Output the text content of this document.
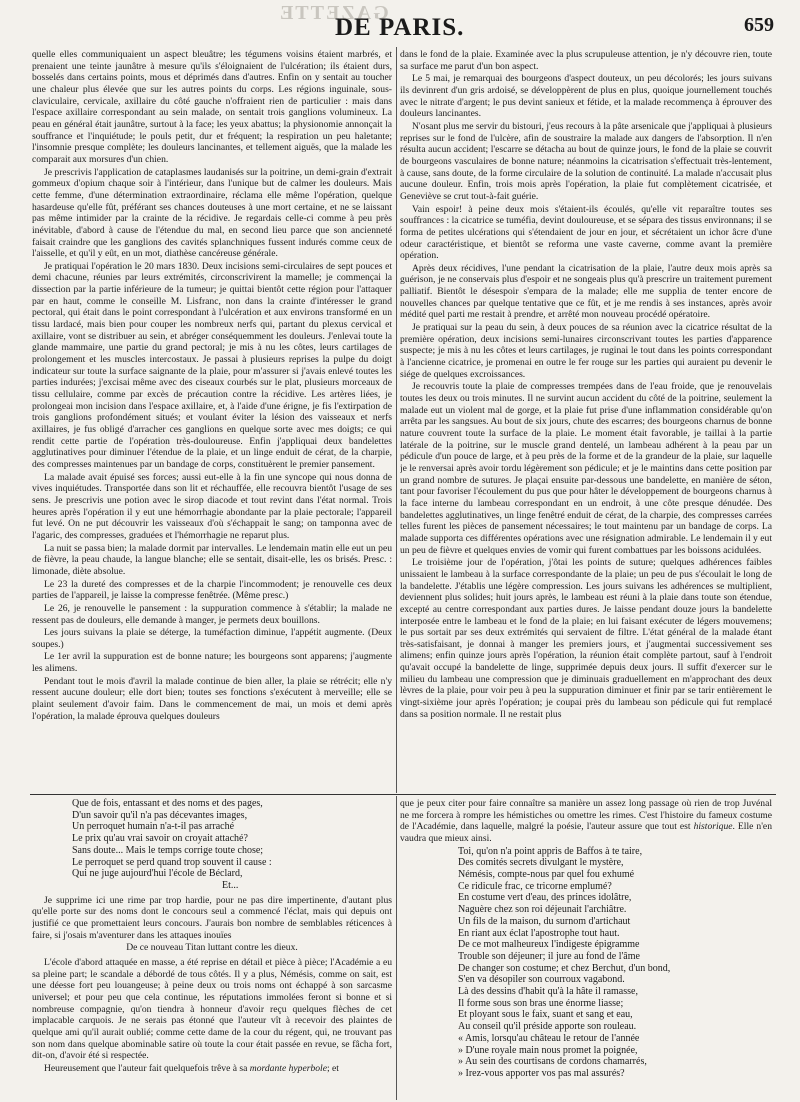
GAZETTE
DE PARIS.	659

quelle elles communiquaient un aspect bleuâtre; les tégumens voisins étaient marbrés, et prenaient une teinte jaunâtre à mesure qu'ils s'éloignaient de l'ulcération; ils étaient durs, bosselés dans certains points, mous et déprimés dans d'autres. Enfin on y sentait au toucher une chaleur plus élevée que sur les autres points du corps. Les régions inguinale, sous-claviculaire, cervicale, axillaire du côté gauche n'offraient rien de particulier : mais dans l'espace axillaire correspondant au sein malade, on sentait trois ganglions volumineux. La peau en général était jaunâtre, surtout à la face; les yeux abattus; la physionomie annonçait la souffrance et l'inquiétude; le pouls petit, dur et fréquent; la respiration un peu haletante; l'insomnie presque complète; les douleurs lancinantes, et tellement aiguës, que la malade les comparait aux morsures d'un chien.

Je prescrivis l'application de cataplasmes laudanisés sur la poitrine, un demi-grain d'extrait gommeux d'opium chaque soir à l'intérieur, dans l'unique but de calmer les douleurs. Mais cette femme, d'une détermination extraordinaire, réclama elle même l'opération, quelque hasardeuse qu'elle fût, préférant ses chances douteuses à une mort certaine, et ne se laissant pas même intimider par la crainte de la récidive. Je regardais celle-ci comme à peu près inévitable, d'abord à cause de l'étendue du mal, en second lieu parce que son ancienneté faisait craindre que les ganglions des cavités splanchniques fussent indurés comme ceux de l'aisselle, et qu'il y eût, en un mot, diathèse cancéreuse générale.

Je pratiquai l'opération le 20 mars 1830. Deux incisions semi-circulaires de sept pouces et demi chacune, réunies par leurs extrémités, circonscrivirent la mamelle; je commençai la dissection par la partie inférieure de la tumeur; je quittai bientôt cette région pour l'attaquer par en haut, comme le conseille M. Lisfranc, non dans la crainte d'intéresser le grand pectoral, qui était dans le point correspondant à l'ulcération et aux environs transformé en un tissu lardacé, mais bien pour couper les nombreux nerfs qui, partant du plexus cervical et axillaire, vont se distribuer au sein, et abréger conséquemment les douleurs. J'enlevai toute la glande mammaire, une partie du grand pectoral; je mis à nu les côtes, leurs cartilages de prolongement et les muscles intercostaux. Je passai à plusieurs reprises la pulpe du doigt indicateur sur toute la surface saignante de la plaie, pour m'assurer si j'avais enlevé toutes les parties indurées; j'excisai même avec des ciseaux courbés sur le plat, plusieurs morceaux de tissu cellulaire, comme par excès de précaution contre la récidive. Les artères liées, je prolongeai mon incision dans l'espace axillaire, et, à l'aide d'une érigne, je fis l'extirpation de trois ganglions profondément situés; et voulant éviter la lésion des vaisseaux et nerfs axillaires, je fus obligé d'arracher ces ganglions en quelque sorte avec mes doigts; ce qui rendit cette partie de l'opération très-douloureuse. Enfin j'appliquai deux bandelettes agglutinatives pour diminuer l'étendue de la plaie, et un linge enduit de cérat, de la charpie, des compresses maintenues par un bandage de corps, constituèrent le premier pansement.

La malade avait épuisé ses forces; aussi eut-elle à la fin une syncope qui nous donna de vives inquiétudes. Transportée dans son lit et réchauffée, elle recouvra bientôt l'usage de ses sens. Je prescrivis une potion avec le sirop diacode et tout revint dans l'état normal. Trois heures après l'opération il y eut une hémorrhagie abondante par la plaie pectorale; l'appareil fut levé. On ne put découvrir les vaisseaux d'où s'échappait le sang; on tamponna avec de l'agaric, des compresses, graduées et l'hémorrhagie ne reparut plus.

La nuit se passa bien; la malade dormit par intervalles. Le lendemain matin elle eut un peu de fièvre, la peau chaude, la langue blanche; elle se sentait, disait-elle, les os brisés. Presc. : limonade, diète absolue.

Le 23 la dureté des compresses et de la charpie l'incommodent; je renouvelle ces deux parties de l'appareil, je laisse la compresse fenêtrée. (Même presc.)

Le 26, je renouvelle le pansement : la suppuration commence à s'établir; la malade ne ressent pas de douleurs, elle demande à manger, je permets deux bouillons.

Les jours suivans la plaie se déterge, la tuméfaction diminue, l'appétit augmente. (Deux soupes.)

Le 1er avril la suppuration est de bonne nature; les bourgeons sont apparens; j'augmente les alimens.

Pendant tout le mois d'avril la malade continue de bien aller, la plaie se rétrécit; elle n'y ressent aucune douleur; elle dort bien; toutes ses fonctions s'exécutent à merveille; elle se plaint seulement d'avoir faim. Dans le commencement de mai, un mois et demi après l'opération, la malade éprouva quelques douleurs

dans le fond de la plaie. Examinée avec la plus scrupuleuse attention, je n'y découvre rien, toute sa surface me parut d'un bon aspect.

Le 5 mai, je remarquai des bourgeons d'aspect douteux, un peu décolorés; les jours suivans ils devinrent d'un gris ardoisé, se développèrent de plus en plus, quoique journellement touchés avec le nitrate d'argent; le pus devint sanieux et fétide, et la malade recommença à éprouver des douleurs lancinantes.

N'osant plus me servir du bistouri, j'eus recours à la pâte arsenicale que j'appliquai à plusieurs reprises sur le fond de l'ulcère, afin de soustraire la malade aux dangers de l'absorption. Il n'en résulta aucun accident; l'escarre se détacha au bout de quinze jours, le fond de la plaie se couvrit de bourgeons vasculaires de bonne nature; néanmoins la cicatrisation s'effectuait très-lentement, à cause, sans doute, de la forme circulaire de la solution de continuité. La malade n'accusait plus aucune douleur. Enfin, trois mois après l'opération, la plaie fut complètement cicatrisée, et Geneviève se crut tout-à-fait guérie.

Vain espoir! à peine deux mois s'étaient-ils écoulés, qu'elle vit reparaître toutes ses souffrances : la cicatrice se tuméfia, devint douloureuse, et se sépara des tissus environnans; il se forma de petites ulcérations qui s'étendaient de jour en jour, et sécrétaient un ichor âcre d'une odeur caractéristique, et bientôt se reforma une vaste caverne, comme avant la première opération.

Après deux récidives, l'une pendant la cicatrisation de la plaie, l'autre deux mois après sa guérison, je ne conservais plus d'espoir et ne songeais plus qu'à prescrire un traitement purement palliatif. Bientôt le désespoir s'empara de la malade; elle me supplia de tenter encore de nouvelles chances par quelque tentative que ce fût, et je me rendis à ses instances, après avoir médité quel parti me restait à prendre, et arrêté mon nouveau procédé opératoire.

Je pratiquai sur la peau du sein, à deux pouces de sa réunion avec la cicatrice résultat de la première opération, deux incisions semi-lunaires circonscrivant toutes les parties d'apparence suspecte; je mis à nu les côtes et leurs cartilages, je ruginai le tout dans les points correspondant à l'ancienne cicatrice, je promenai en outre le fer rouge sur les parties qui auraient pu devenir le siége de quelques excroissances.

Je recouvris toute la plaie de compresses trempées dans de l'eau froide, que je renouvelais toutes les deux ou trois minutes. Il ne survint aucun accident du côté de la poitrine, seulement la malade eut un violent mal de gorge, et la plaie fut prise d'une inflammation considérable qu'on arrêta par les sangsues. Au bout de six jours, chute des escarres; des bourgeons charnus de bonne nature couvrent toute la surface de la plaie. Le moment était favorable, je taillai à la partie latérale de la poitrine, sur le muscle grand dentelé, un lambeau adhérent à la peau par un pédicule d'un pouce de large, et à peu près de la forme et de la grandeur de la plaie, sur laquelle je le renversai après avoir tordu légèrement son pédicule; et je le maintins dans cette position par un grand nombre de sutures. Je plaçai ensuite par-dessous une bandelette, en manière de séton, tant pour favoriser l'écoulement du pus que pour hâter le développement de bourgeons charnus à la face interne du lambeau correspondant en un endroit, à une côte presque dénudée. Des bandelettes agglutinatives, un linge fenêtré enduit de cérat, de la charpie, des compresses carrées telles furent les pièces de pansement nécessaires; le tout maintenu par un bandage de corps. La malade supporta ces différentes opérations avec une résignation admirable. Le lendemain il y eut un peu de fièvre et quelques envies de vomir qui furent combattues par les boissons acidulées.

Le troisième jour de l'opération, j'ôtai les points de suture; quelques adhérences faibles unissaient le lambeau à la surface correspondante de la plaie; un peu de pus s'écoulait le long de la bandelette. J'établis une légère compression. Les jours suivans les adhérences se multiplient, deviennent plus solides; huit jours après, le lambeau est réuni à la plaie dans toute son étendue, excepté au centre correspondant aux parties dures. Je laisse pendant douze jours la bandelette interposée entre le lambeau et le fond de la plaie; en lui faisant exécuter de légers mouvemens; le pus sortait par ses deux extrémités qui servaient de filtre. L'état général de la malade étant très-satisfaisant, je donnai à manger les premiers jours, et j'augmentai successivement ses alimens; enfin quinze jours après l'opération, la réunion était complète partout, sauf à l'endroit qu'avait occupé la bandelette de linge, supprimée depuis deux jours. Il suffit d'exercer sur le milieu du lambeau une compression que je diminuais graduellement en m'approchant des deux lèvres de la plaie, pour voir peu à peu la suppuration diminuer et finir par se tarir entièrement le vingt-sixième jour après l'opération; je coupai près du lambeau son pédicule qui fut remplacé dans sa position normale. Il ne restait plus

Que de fois, entassant et des noms et des pages,
D'un savoir qu'il n'a pas décevantes images,
Un perroquet humain n'a-t-il pas arraché
Le prix qu'au vrai savoir on croyait attaché?
Sans doute... Mais le temps corrige toute chose;
Le perroquet se perd quand trop souvent il cause :
Qui ne juge aujourd'hui l'école de Béclard,
Et...

Je supprime ici une rime par trop hardie, pour ne pas dire impertinente, d'autant plus qu'elle porte sur des noms dont le concours seul a commencé l'éclat, mais qui depuis ont justifié ce que promettaient leurs concours. J'aurais bon nombre de semblables réticences à faire, si j'osais m'aventurer dans les attaques inouïes

De ce nouveau Titan luttant contre les dieux.

L'école d'abord attaquée en masse, a été reprise en détail et pièce à pièce; l'Académie a eu sa pleine part; le scandale a débordé de tous côtés. Il y a plus, Némésis, comme on sait, est une déesse fort peu louangeuse; à peine deux ou trois noms ont échappé à son sarcasme universel; et pour peu que cela continue, les réputations immolées feront si bonne et si nombreuse compagnie, qu'on tiendra à honneur d'avoir reçu quelques flèches de cet implacable carquois. Je ne serais pas étonné que l'auteur vît à recevoir des plaintes de quelque ami qu'il aurait oublié; comme cette dame de la cour du régent, qui, ne trouvant pas son nom dans quelque abominable satire où toute la cour était passée en revue, se fâcha fort, dit-on, d'avoir été si respectée.

Heureusement que l'auteur fait quelquefois trêve à sa mordante hyperbole; et

que je peux citer pour faire connaître sa manière un assez long passage où rien de trop Juvénal ne me forcera à rompre les hémistiches ou omettre les rimes. C'est l'histoire du fameux costume de l'Académie, dans laquelle, malgré la poésie, l'auteur assure que tout est historique. Elle n'en vaudra que mieux ainsi.

Toi, qu'on n'a point appris de Baffos à te taire,
Des comités secrets divulgant le mystère,
Némésis, compte-nous par quel fou exhumé
Ce ridicule frac, ce tricorne emplumé?
En costume vert d'eau, des princes idolâtre,
Naguère chez son roi déjeunait l'archiâtre.
Un fils de la maison, du surnom d'artichaut
En riant aux éclat l'apostrophe tout haut.
De ce mot malheureux l'indigeste épigramme
Trouble son déjeuner; il jure au fond de l'âme
De changer son costume; et chez Berchut, d'un bond,
S'en va désopiler son courroux vagabond.
Là des dessins d'habit qu'à la hâte il ramasse,
Il forme sous son bras une énorme liasse;
Et ployant sous le faix, suant et sang et eau,
Au conseil qu'il préside apporte son rouleau.
« Amis, lorsqu'au château le retour de l'année
» D'une royale main nous promet la poignée,
» Au sein des courtisans de cordons chamarrés,
» Irez-vous apporter vos pas mal assurés?
